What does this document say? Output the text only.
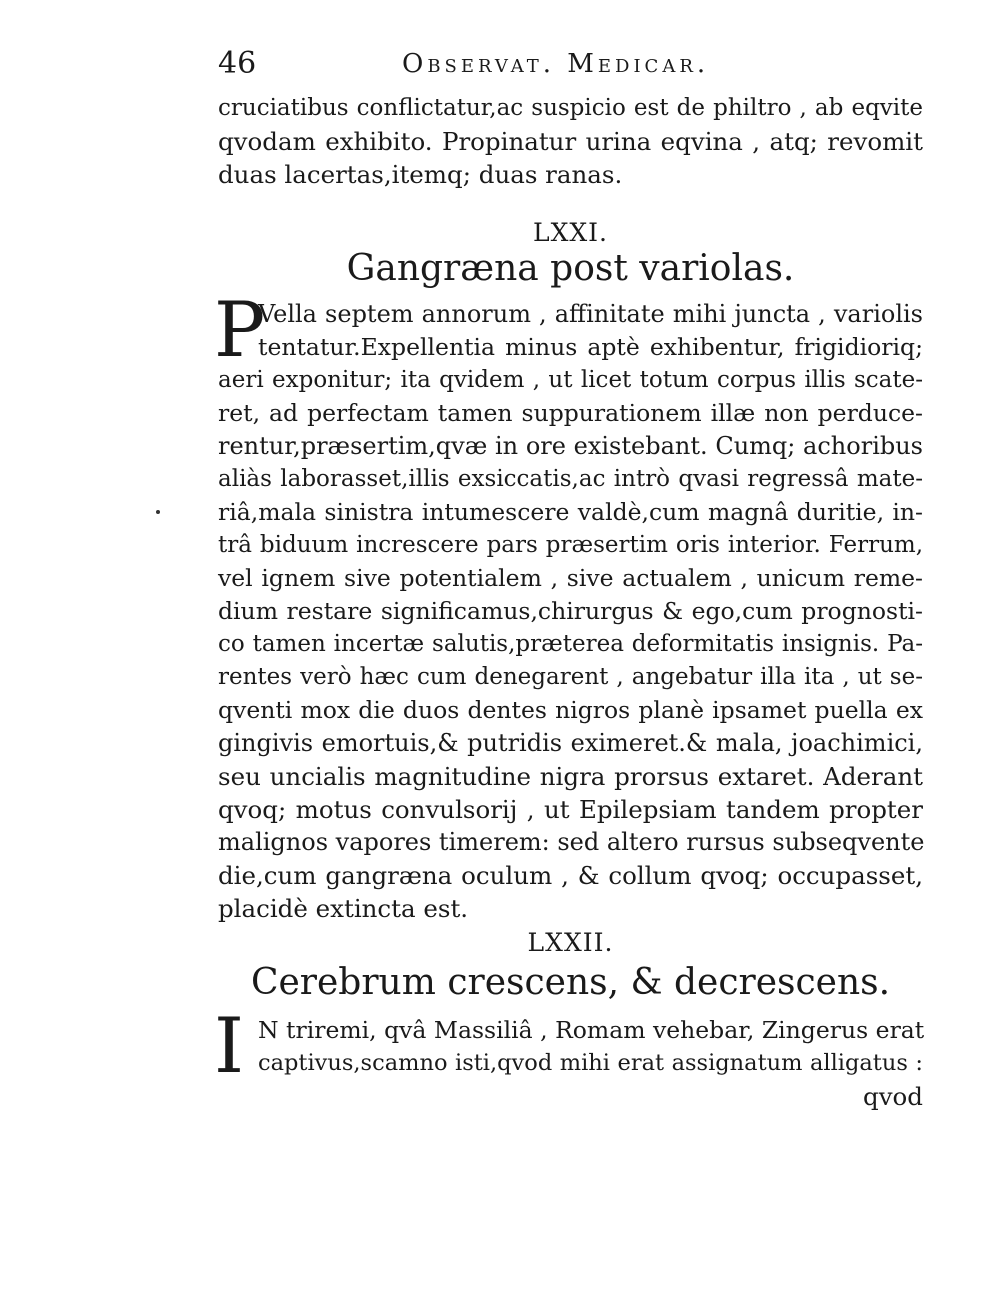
46	Observat. Medicar.
cruciatibus conflictatur,ac suspicio est de philtro , ab eqvite
qvodam exhibito. Propinatur urina eqvina , atq; revomit
duas lacertas,itemq; duas ranas.
LXXI.
Gangræna post variolas.
P
Vella septem annorum , affinitate mihi juncta , variolis
tentatur.Expellentia minus aptè exhibentur, frigidioriq;
aeri exponitur; ita qvidem , ut licet totum corpus illis scate-
ret, ad perfectam tamen suppurationem illæ non perduce-
rentur,præsertim,qvæ in ore existebant. Cumq; achoribus
aliàs laborasset,illis exsiccatis,ac intrò qvasi regressâ mate-
riâ,mala sinistra intumescere valdè,cum magnâ duritie, in-
trâ biduum increscere pars præsertim oris interior. Ferrum,
vel ignem sive potentialem , sive actualem , unicum reme-
dium restare significamus,chirurgus & ego,cum prognosti-
co tamen incertæ salutis,præterea deformitatis insignis. Pa-
rentes verò hæc cum denegarent , angebatur illa ita , ut se-
qventi mox die duos dentes nigros planè ipsamet puella ex
gingivis emortuis,& putridis eximeret.& mala, joachimici,
seu uncialis magnitudine nigra prorsus extaret. Aderant
qvoq; motus convulsorij , ut Epilepsiam tandem propter
malignos vapores timerem: sed altero rursus subseqvente
die,cum gangræna oculum , & collum qvoq; occupasset,
placidè extincta est.
LXXII.
Cerebrum crescens, & decrescens.
I N triremi, qvâ Massiliâ , Romam vehebar, Zingerus erat
captivus,scamno isti,qvod mihi erat assignatum alligatus :
qvod
